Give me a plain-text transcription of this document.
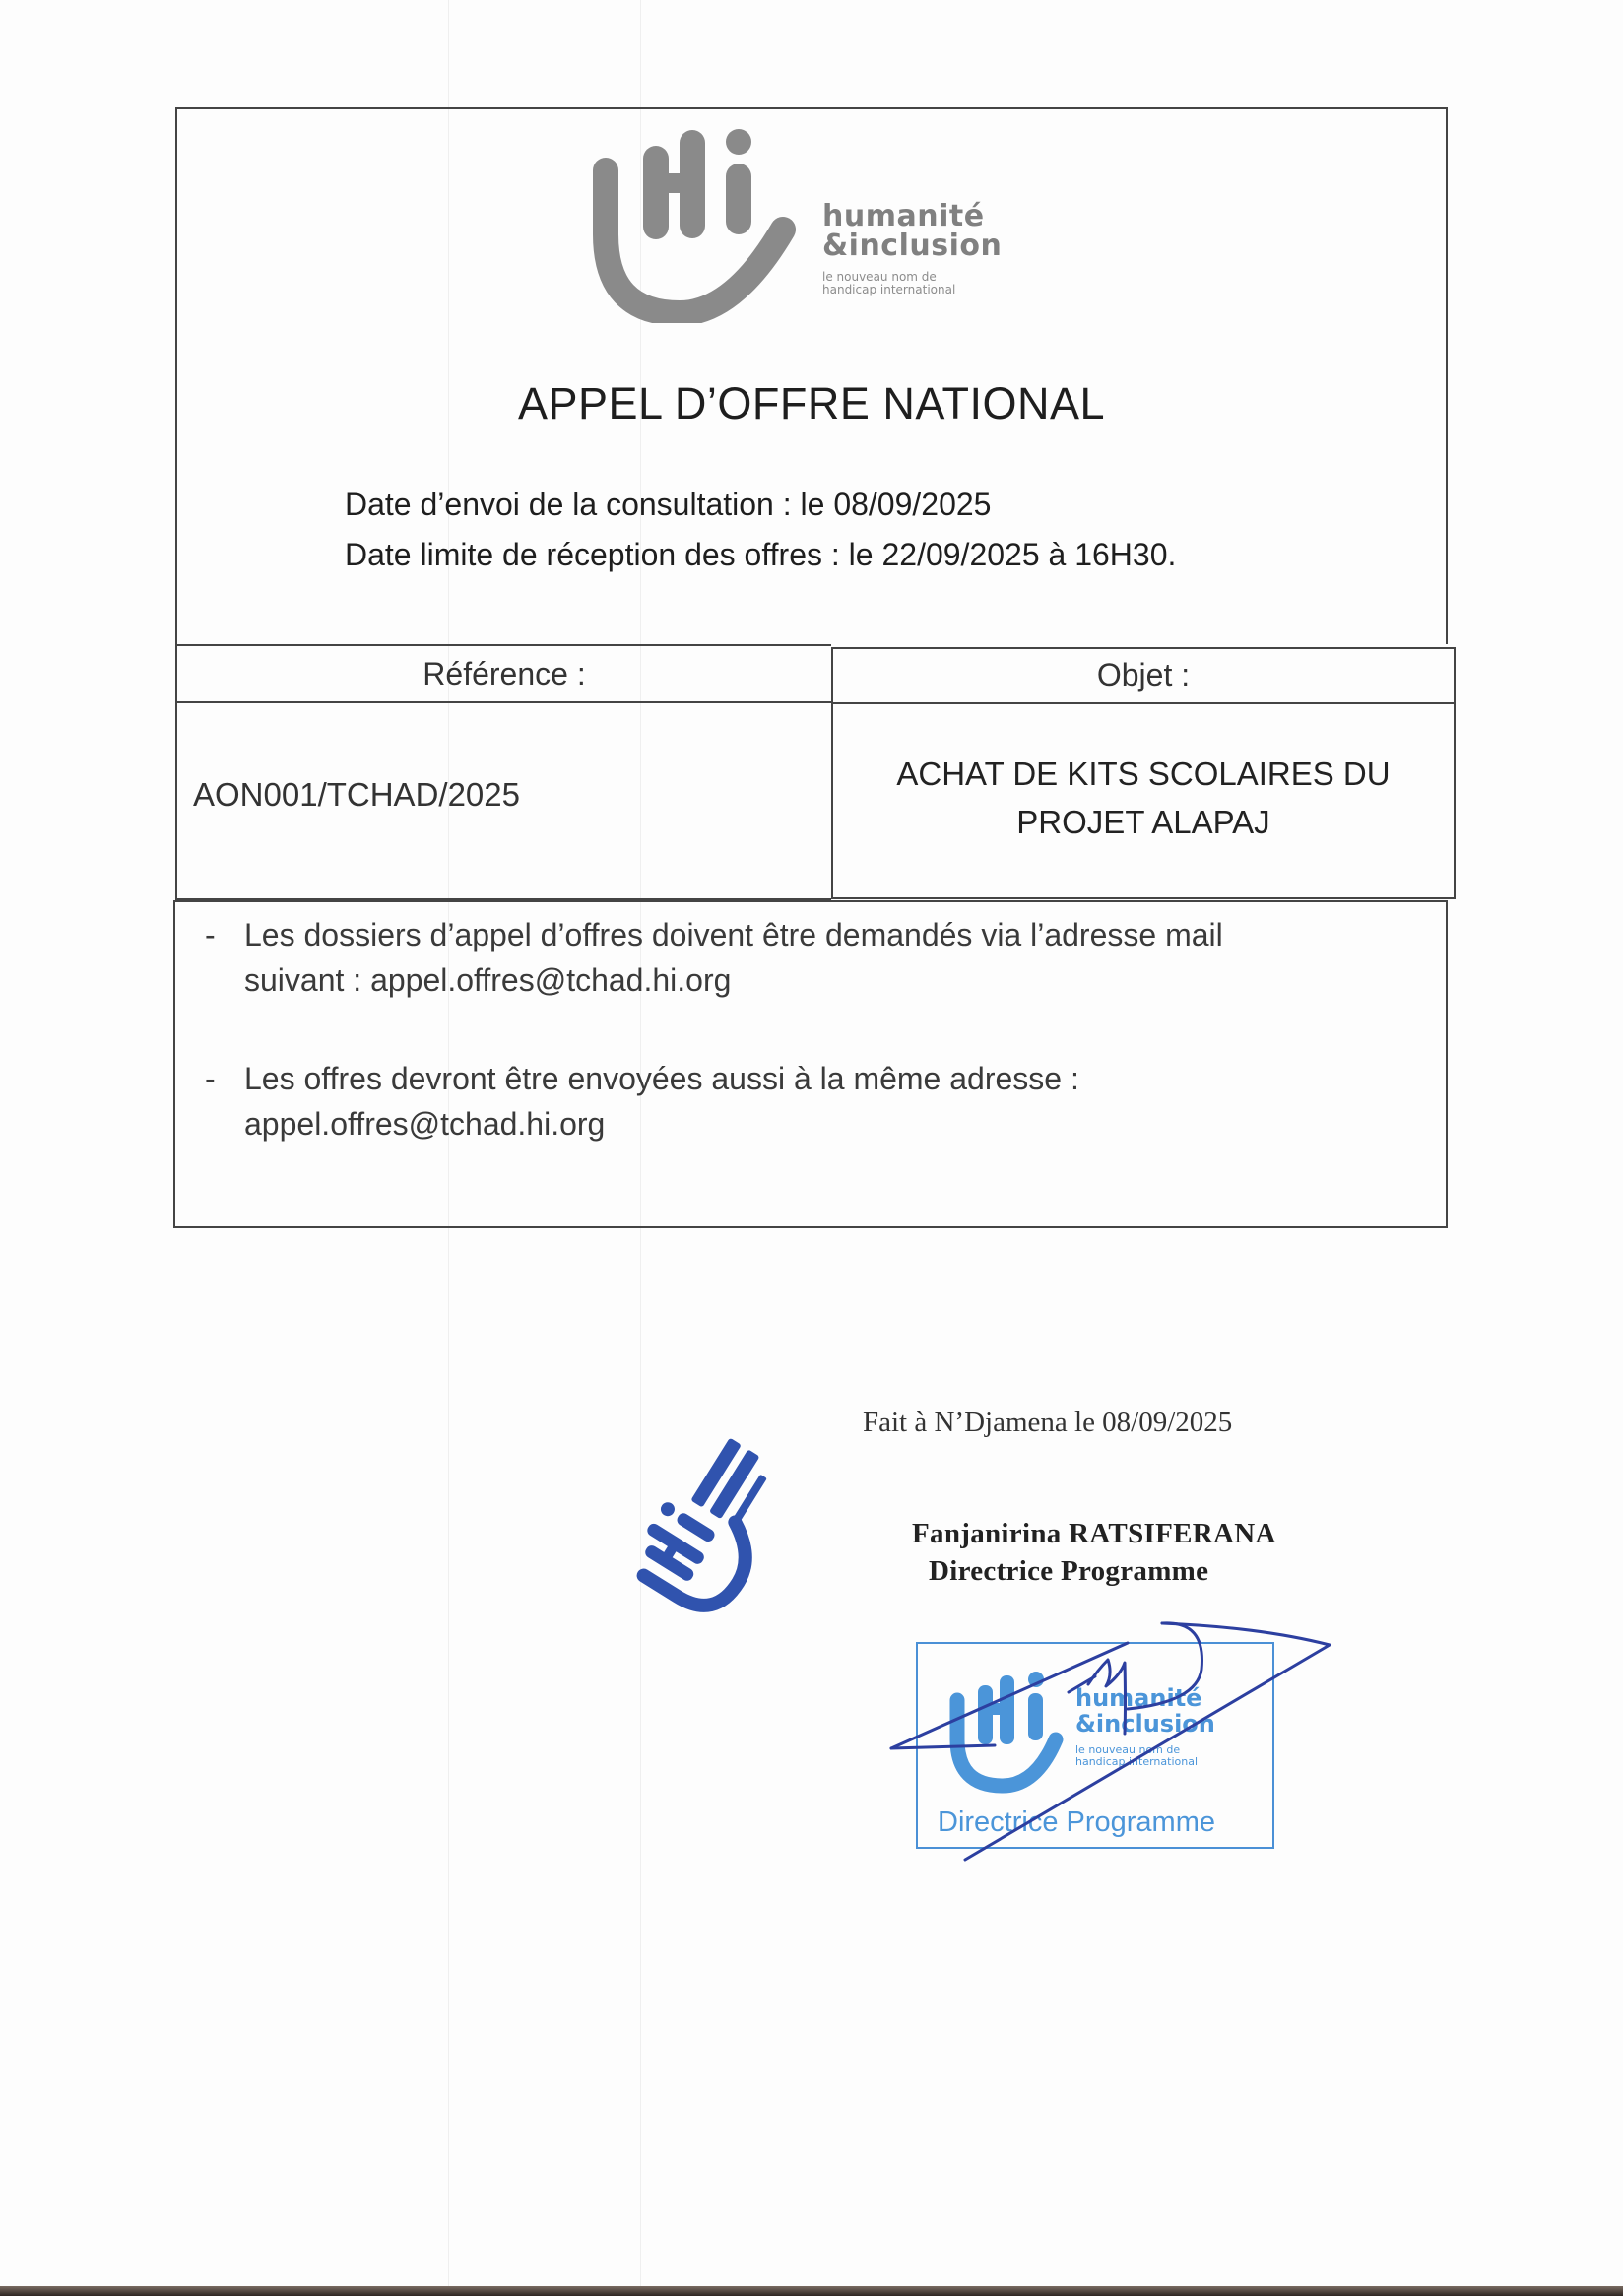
humanité
&inclusion
le nouveau nom de
handicap international
APPEL D’OFFRE NATIONAL
Date d’envoi de la consultation : le 08/09/2025
Date limite de réception des offres : le 22/09/2025 à 16H30.
Référence :	Objet :
AON001/TCHAD/2025
ACHAT DE KITS SCOLAIRES DU
PROJET ALAPAJ
- Les dossiers d’appel d’offres doivent être demandés via l’adresse mail
suivant : appel.offres@tchad.hi.org
- Les offres devront être envoyées aussi à la même adresse :
appel.offres@tchad.hi.org
Fait à N’Djamena le 08/09/2025
Fanjanirina RATSIFERANA
Directrice Programme
humanité
&inclusion
le nouveau nom de
handicap international
Directrice Programme
